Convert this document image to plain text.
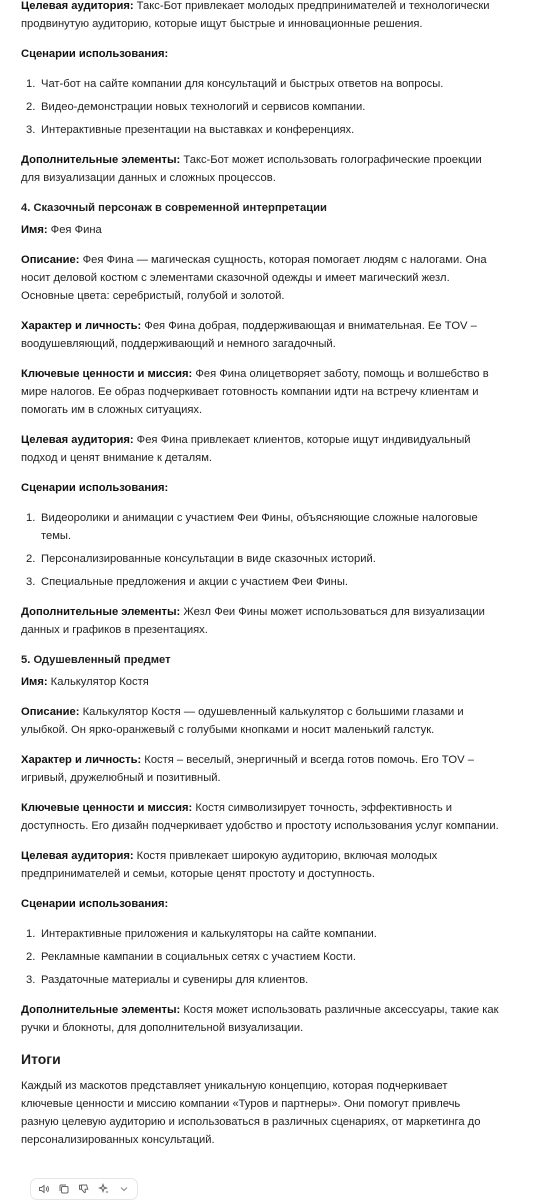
Целевая аудитория: Такс-Бот привлекает молодых предпринимателей и технологически продвинутую аудиторию, которые ищут быстрые и инновационные решения.

Сценарии использования:

1. Чат-бот на сайте компании для консультаций и быстрых ответов на вопросы.
2. Видео-демонстрации новых технологий и сервисов компании.
3. Интерактивные презентации на выставках и конференциях.

Дополнительные элементы: Такс-Бот может использовать голографические проекции для визуализации данных и сложных процессов.

4. Сказочный персонаж в современной интерпретации

Имя: Фея Фина

Описание: Фея Фина — магическая сущность, которая помогает людям с налогами. Она носит деловой костюм с элементами сказочной одежды и имеет магический жезл. Основные цвета: серебристый, голубой и золотой.

Характер и личность: Фея Фина добрая, поддерживающая и внимательная. Ее TOV – воодушевляющий, поддерживающий и немного загадочный.

Ключевые ценности и миссия: Фея Фина олицетворяет заботу, помощь и волшебство в мире налогов. Ее образ подчеркивает готовность компании идти на встречу клиентам и помогать им в сложных ситуациях.

Целевая аудитория: Фея Фина привлекает клиентов, которые ищут индивидуальный подход и ценят внимание к деталям.

Сценарии использования:

1. Видеоролики и анимации с участием Феи Фины, объясняющие сложные налоговые темы.
2. Персонализированные консультации в виде сказочных историй.
3. Специальные предложения и акции с участием Феи Фины.

Дополнительные элементы: Жезл Феи Фины может использоваться для визуализации данных и графиков в презентациях.

5. Одушевленный предмет

Имя: Калькулятор Костя

Описание: Калькулятор Костя — одушевленный калькулятор с большими глазами и улыбкой. Он ярко-оранжевый с голубыми кнопками и носит маленький галстук.

Характер и личность: Костя – веселый, энергичный и всегда готов помочь. Его TOV – игривый, дружелюбный и позитивный.

Ключевые ценности и миссия: Костя символизирует точность, эффективность и доступность. Его дизайн подчеркивает удобство и простоту использования услуг компании.

Целевая аудитория: Костя привлекает широкую аудиторию, включая молодых предпринимателей и семьи, которые ценят простоту и доступность.

Сценарии использования:

1. Интерактивные приложения и калькуляторы на сайте компании.
2. Рекламные кампании в социальных сетях с участием Кости.
3. Раздаточные материалы и сувениры для клиентов.

Дополнительные элементы: Костя может использовать различные аксессуары, такие как ручки и блокноты, для дополнительной визуализации.

Итоги

Каждый из маскотов представляет уникальную концепцию, которая подчеркивает ключевые ценности и миссию компании «Туров и партнеры». Они помогут привлечь разную целевую аудиторию и использоваться в различных сценариях, от маркетинга до персонализированных консультаций.
